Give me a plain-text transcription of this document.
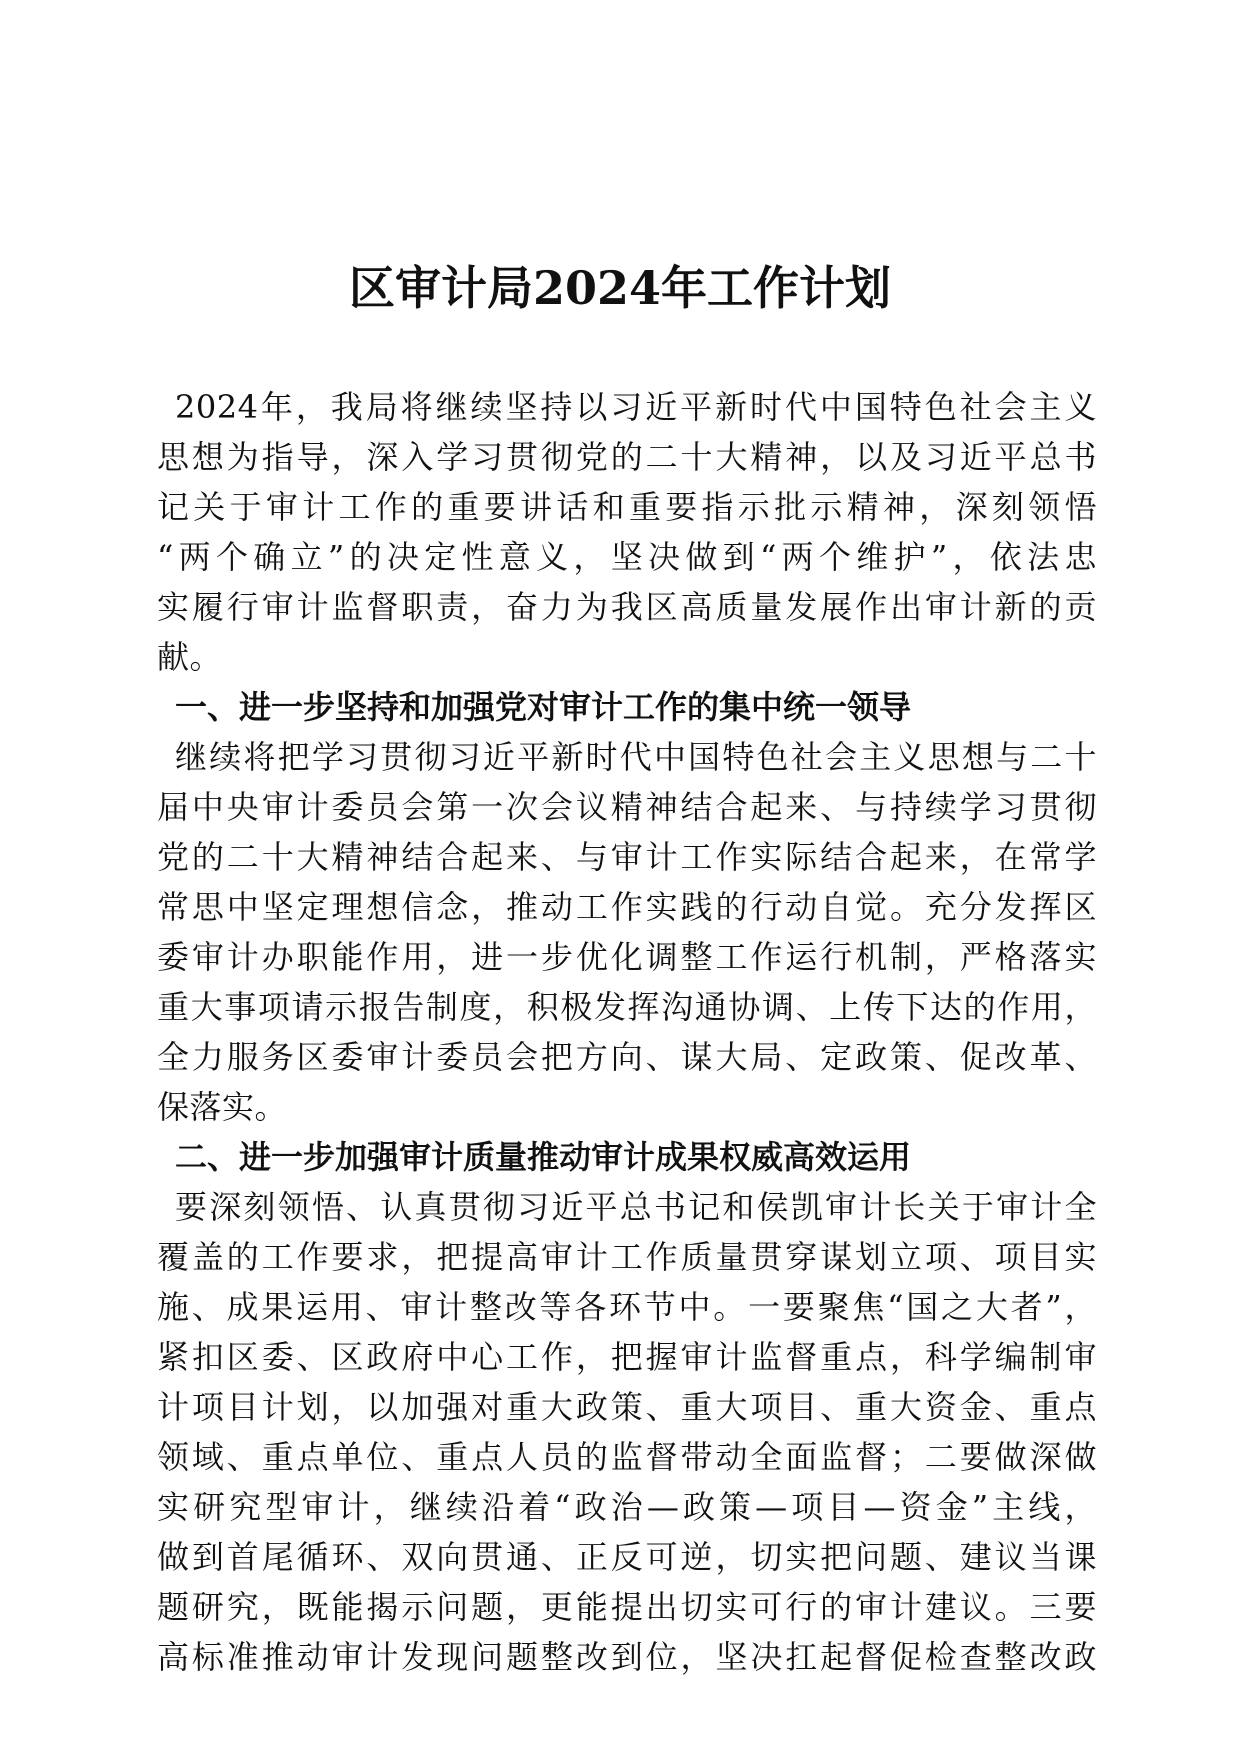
区审计局2024年工作计划
2024年，我局将继续坚持以习近平新时代中国特色社会主义
思想为指导，深入学习贯彻党的二十大精神，以及习近平总书
记关于审计工作的重要讲话和重要指示批示精神，深刻领悟
“两个确立”的决定性意义，坚决做到“两个维护”，依法忠
实履行审计监督职责，奋力为我区高质量发展作出审计新的贡
献。
一、进一步坚持和加强党对审计工作的集中统一领导
继续将把学习贯彻习近平新时代中国特色社会主义思想与二十
届中央审计委员会第一次会议精神结合起来、与持续学习贯彻
党的二十大精神结合起来、与审计工作实际结合起来，在常学
常思中坚定理想信念，推动工作实践的行动自觉。充分发挥区
委审计办职能作用，进一步优化调整工作运行机制，严格落实
重大事项请示报告制度，积极发挥沟通协调、上传下达的作用，
全力服务区委审计委员会把方向、谋大局、定政策、促改革、
保落实。
二、进一步加强审计质量推动审计成果权威高效运用
要深刻领悟、认真贯彻习近平总书记和侯凯审计长关于审计全
覆盖的工作要求，把提高审计工作质量贯穿谋划立项、项目实
施、成果运用、审计整改等各环节中。一要聚焦“国之大者”，
紧扣区委、区政府中心工作，把握审计监督重点，科学编制审
计项目计划，以加强对重大政策、重大项目、重大资金、重点
领域、重点单位、重点人员的监督带动全面监督；二要做深做
实研究型审计，继续沿着“政治—政策—项目—资金”主线，
做到首尾循环、双向贯通、正反可逆，切实把问题、建议当课
题研究，既能揭示问题，更能提出切实可行的审计建议。三要
高标准推动审计发现问题整改到位，坚决扛起督促检查整改政
